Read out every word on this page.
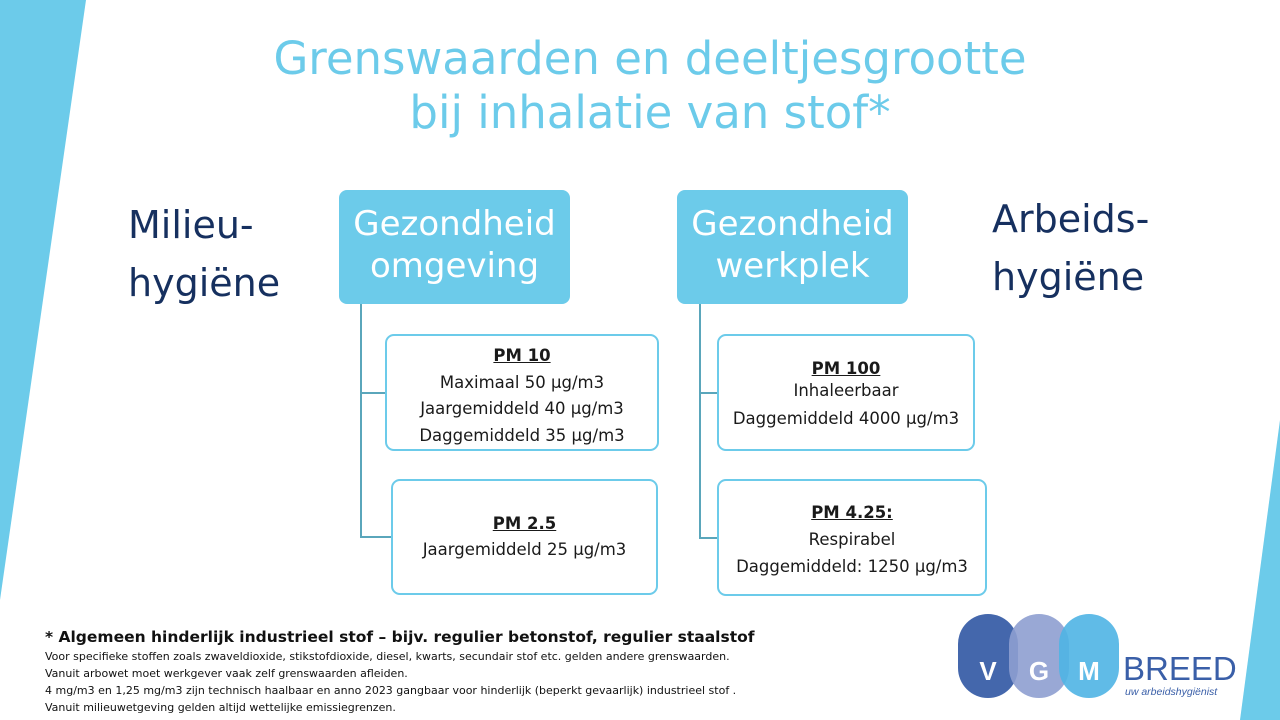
Grenswaarden en deeltjesgrootte
bij inhalatie van stof*
Milieu-
hygiëne
Arbeids-
hygiëne
Gezondheid
omgeving
Gezondheid
werkplek
PM 10
Maximaal 50 μg/m3
Jaargemiddeld 40 μg/m3
Daggemiddeld 35 μg/m3
PM 2.5
Jaargemiddeld 25 μg/m3
PM 100
Inhaleerbaar
Daggemiddeld 4000 μg/m3
PM 4.25:
Respirabel
Daggemiddeld: 1250 μg/m3
* Algemeen hinderlijk industrieel stof – bijv. regulier betonstof, regulier staalstof
Voor specifieke stoffen zoals zwaveldioxide, stikstofdioxide, diesel, kwarts, secundair stof etc. gelden andere grenswaarden.
Vanuit arbowet moet werkgever vaak zelf grenswaarden afleiden.
4 mg/m3 en 1,25 mg/m3 zijn technisch haalbaar en anno 2023 gangbaar voor hinderlijk (beperkt gevaarlijk) industrieel stof .
Vanuit milieuwetgeving gelden altijd wettelijke emissiegrenzen.
V G M BREED
uw arbeidshygiënist
